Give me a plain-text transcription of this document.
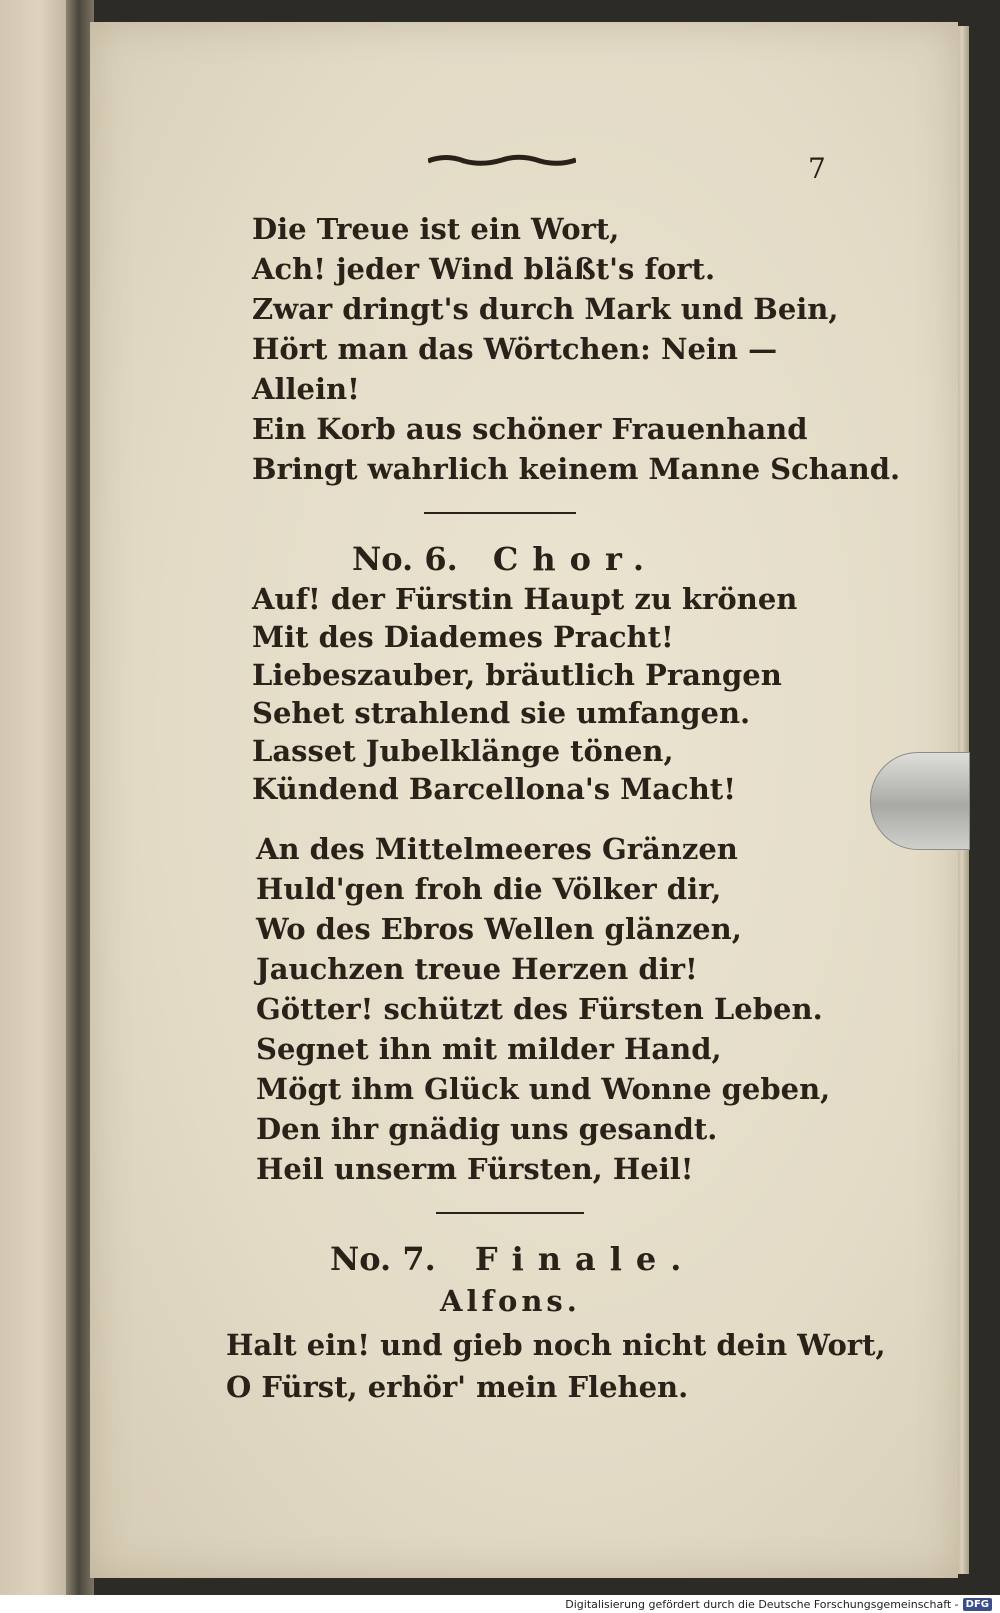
7
Die Treue ist ein Wort,
Ach! jeder Wind bläßt's fort.
Zwar dringt's durch Mark und Bein,
Hört man das Wörtchen: Nein —
Allein!
Ein Korb aus schöner Frauenhand
Bringt wahrlich keinem Manne Schand.
No. 6. Chor.
Auf! der Fürstin Haupt zu krönen
Mit des Diademes Pracht!
Liebeszauber, bräutlich Prangen
Sehet strahlend sie umfangen.
Lasset Jubelklänge tönen,
Kündend Barcellona's Macht!
An des Mittelmeeres Gränzen
Huld'gen froh die Völker dir,
Wo des Ebros Wellen glänzen,
Jauchzen treue Herzen dir!
Götter! schützt des Fürsten Leben.
Segnet ihn mit milder Hand,
Mögt ihm Glück und Wonne geben,
Den ihr gnädig uns gesandt.
Heil unserm Fürsten, Heil!
No. 7. Finale.
Alfons.
Halt ein! und gieb noch nicht dein Wort,
O Fürst, erhör' mein Flehen.
Digitalisierung gefördert durch die Deutsche Forschungsgemeinschaft - DFG
